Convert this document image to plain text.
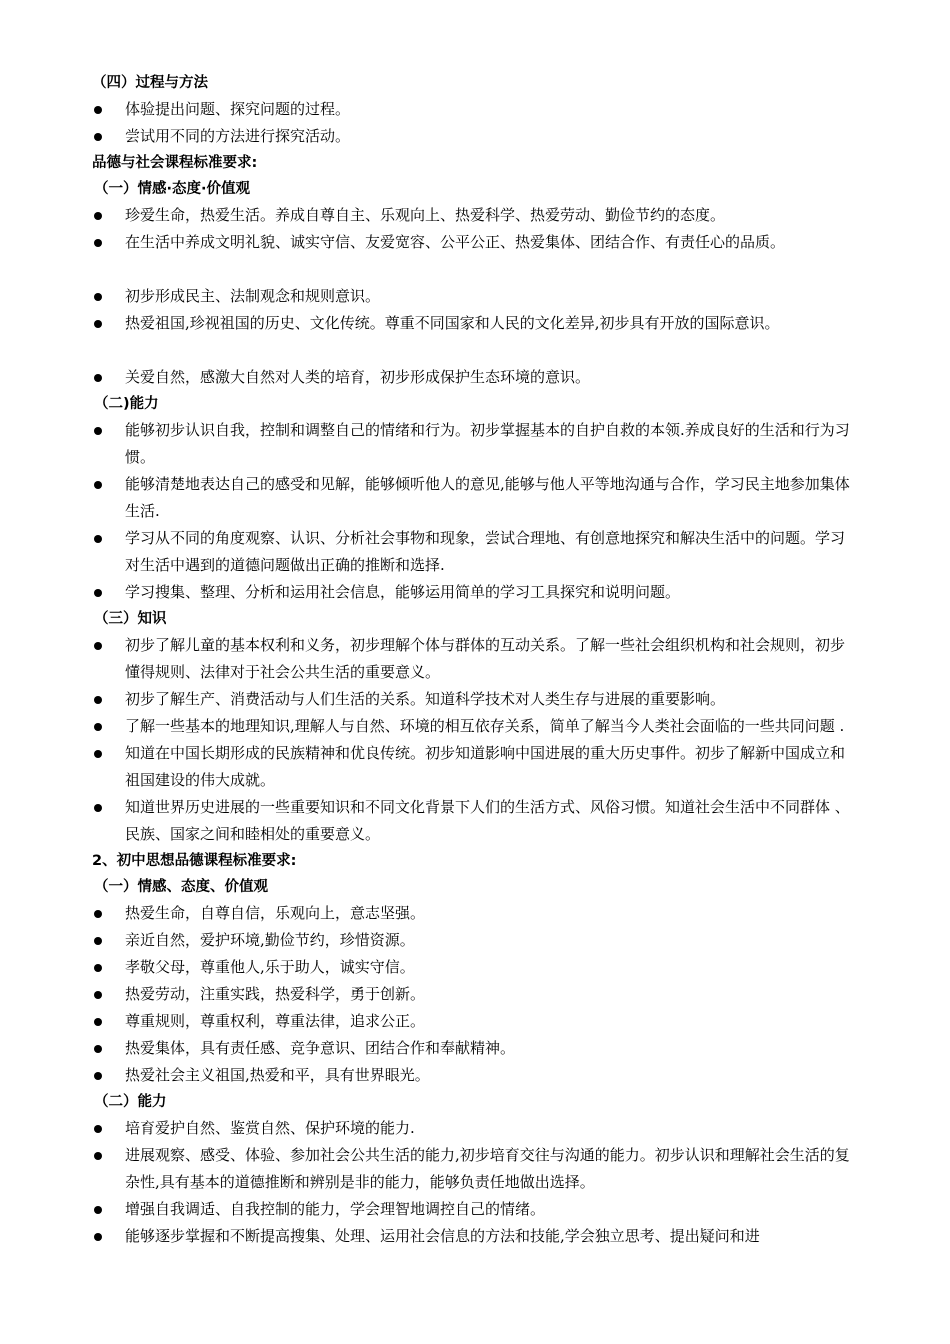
（四）过程与方法
体验提出问题、探究问题的过程。
尝试用不同的方法进行探究活动。
品德与社会课程标准要求:
（一）情感·态度·价值观
珍爱生命，热爱生活。养成自尊自主、乐观向上、热爱科学、热爱劳动、勤俭节约的态度。
在生活中养成文明礼貌、诚实守信、友爱宽容、公平公正、热爱集体、团结合作、有责任心的品质。
初步形成民主、法制观念和规则意识。
热爱祖国,珍视祖国的历史、文化传统。尊重不同国家和人民的文化差异,初步具有开放的国际意识。
关爱自然，感激大自然对人类的培育，初步形成保护生态环境的意识。
（二)能力
能够初步认识自我，控制和调整自己的情绪和行为。初步掌握基本的自护自救的本领.养成良好的生活和行为习惯。
能够清楚地表达自己的感受和见解，能够倾听他人的意见,能够与他人平等地沟通与合作，学习民主地参加集体生活.
学习从不同的角度观察、认识、分析社会事物和现象，尝试合理地、有创意地探究和解决生活中的问题。学习对生活中遇到的道德问题做出正确的推断和选择.
学习搜集、整理、分析和运用社会信息，能够运用简单的学习工具探究和说明问题。
（三）知识
初步了解儿童的基本权利和义务，初步理解个体与群体的互动关系。了解一些社会组织机构和社会规则，初步懂得规则、法律对于社会公共生活的重要意义。
初步了解生产、消费活动与人们生活的关系。知道科学技术对人类生存与进展的重要影响。
了解一些基本的地理知识,理解人与自然、环境的相互依存关系，简单了解当今人类社会面临的一些共同问题 .
知道在中国长期形成的民族精神和优良传统。初步知道影响中国进展的重大历史事件。初步了解新中国成立和祖国建设的伟大成就。
知道世界历史进展的一些重要知识和不同文化背景下人们的生活方式、风俗习惯。知道社会生活中不同群体 、民族、国家之间和睦相处的重要意义。
2、初中思想品德课程标准要求:
（一）情感、态度、价值观
热爱生命，自尊自信，乐观向上，意志坚强。
亲近自然，爱护环境,勤俭节约，珍惜资源。
孝敬父母，尊重他人,乐于助人，诚实守信。
热爱劳动，注重实践，热爱科学，勇于创新。
尊重规则，尊重权利，尊重法律，追求公正。
热爱集体，具有责任感、竞争意识、团结合作和奉献精神。
热爱社会主义祖国,热爱和平，具有世界眼光。
（二）能力
培育爱护自然、鉴赏自然、保护环境的能力.
进展观察、感受、体验、参加社会公共生活的能力,初步培育交往与沟通的能力。初步认识和理解社会生活的复杂性,具有基本的道德推断和辨别是非的能力，能够负责任地做出选择。
增强自我调适、自我控制的能力，学会理智地调控自己的情绪。
能够逐步掌握和不断提高搜集、处理、运用社会信息的方法和技能,学会独立思考、提出疑问和进
